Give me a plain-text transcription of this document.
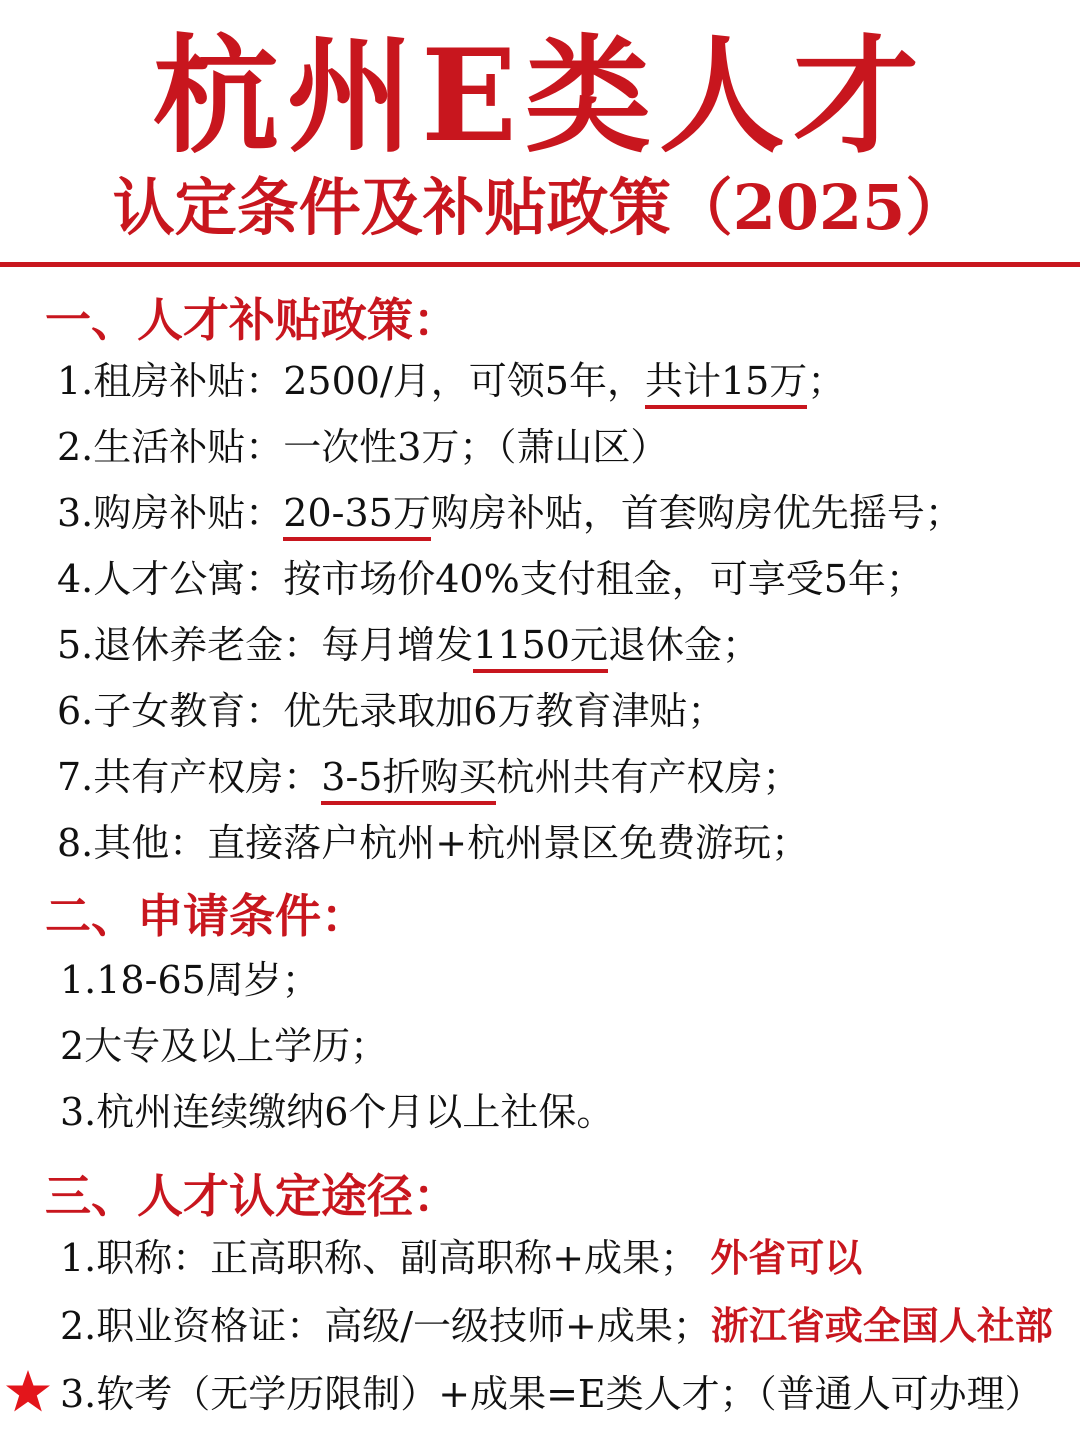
杭州E类人才
认定条件及补贴政策（2025）
一、人才补贴政策：
1.租房补贴：2500/月，可领5年，共计15万；
2.生活补贴：一次性3万；（萧山区）
3.购房补贴：20-35万购房补贴，首套购房优先摇号；
4.人才公寓：按市场价40%支付租金，可享受5年；
5.退休养老金：每月增发1150元退休金；
6.子女教育：优先录取加6万教育津贴；
7.共有产权房：3-5折购买杭州共有产权房；
8.其他：直接落户杭州+杭州景区免费游玩；
二、申请条件：
1.18-65周岁；
2大专及以上学历；
3.杭州连续缴纳6个月以上社保。
三、人才认定途径：
1.职称：正高职称、副高职称+成果； 外省可以
2.职业资格证：高级/一级技师+成果；浙江省或全国人社部
3.软考（无学历限制）+成果=E类人才；（普通人可办理）
